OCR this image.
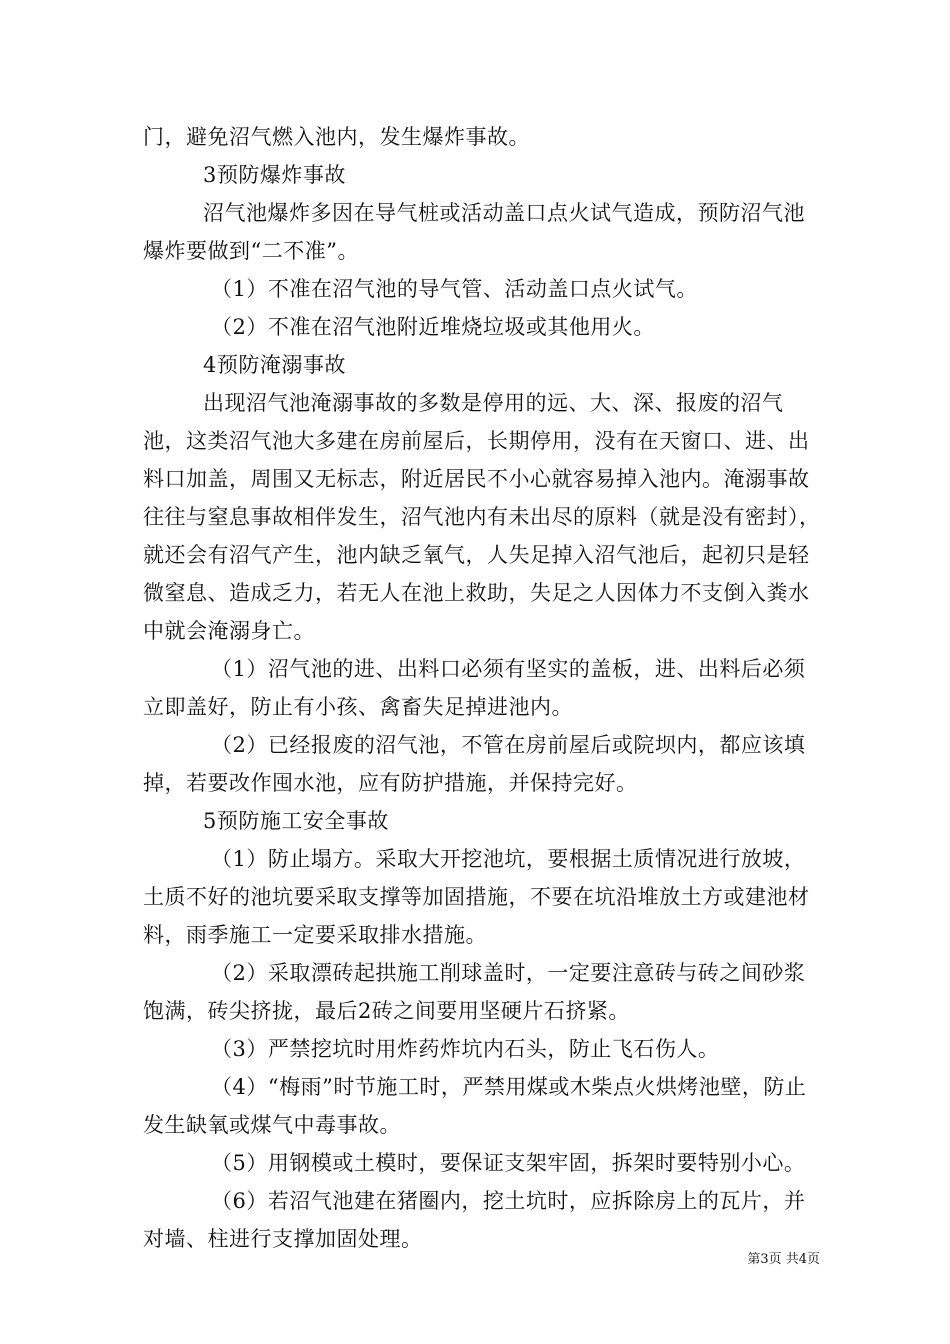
门，避免沼气燃入池内，发生爆炸事故。

3预防爆炸事故

沼气池爆炸多因在导气桩或活动盖口点火试气造成，预防沼气池爆炸要做到“二不准”。

（1）不准在沼气池的导气管、活动盖口点火试气。

（2）不准在沼气池附近堆烧垃圾或其他用火。

4预防淹溺事故

出现沼气池淹溺事故的多数是停用的远、大、深、报废的沼气池，这类沼气池大多建在房前屋后，长期停用，没有在天窗口、进、出料口加盖，周围又无标志，附近居民不小心就容易掉入池内。淹溺事故往往与窒息事故相伴发生，沼气池内有未出尽的原料（就是没有密封），就还会有沼气产生，池内缺乏氧气，人失足掉入沼气池后，起初只是轻微窒息、造成乏力，若无人在池上救助，失足之人因体力不支倒入粪水中就会淹溺身亡。

（1）沼气池的进、出料口必须有坚实的盖板，进、出料后必须立即盖好，防止有小孩、禽畜失足掉进池内。

（2）已经报废的沼气池，不管在房前屋后或院坝内，都应该填掉，若要改作囤水池，应有防护措施，并保持完好。

5预防施工安全事故

（1）防止塌方。采取大开挖池坑，要根据土质情况进行放坡，土质不好的池坑要采取支撑等加固措施，不要在坑沿堆放土方或建池材料，雨季施工一定要采取排水措施。

（2）采取漂砖起拱施工削球盖时，一定要注意砖与砖之间砂浆饱满，砖尖挤拢，最后2砖之间要用坚硬片石挤紧。

（3）严禁挖坑时用炸药炸坑内石头，防止飞石伤人。

（4）“梅雨”时节施工时，严禁用煤或木柴点火烘烤池壁，防止发生缺氧或煤气中毒事故。

（5）用钢模或土模时，要保证支架牢固，拆架时要特别小心。

（6）若沼气池建在猪圈内，挖土坑时，应拆除房上的瓦片，并对墙、柱进行支撑加固处理。

第3页 共4页
